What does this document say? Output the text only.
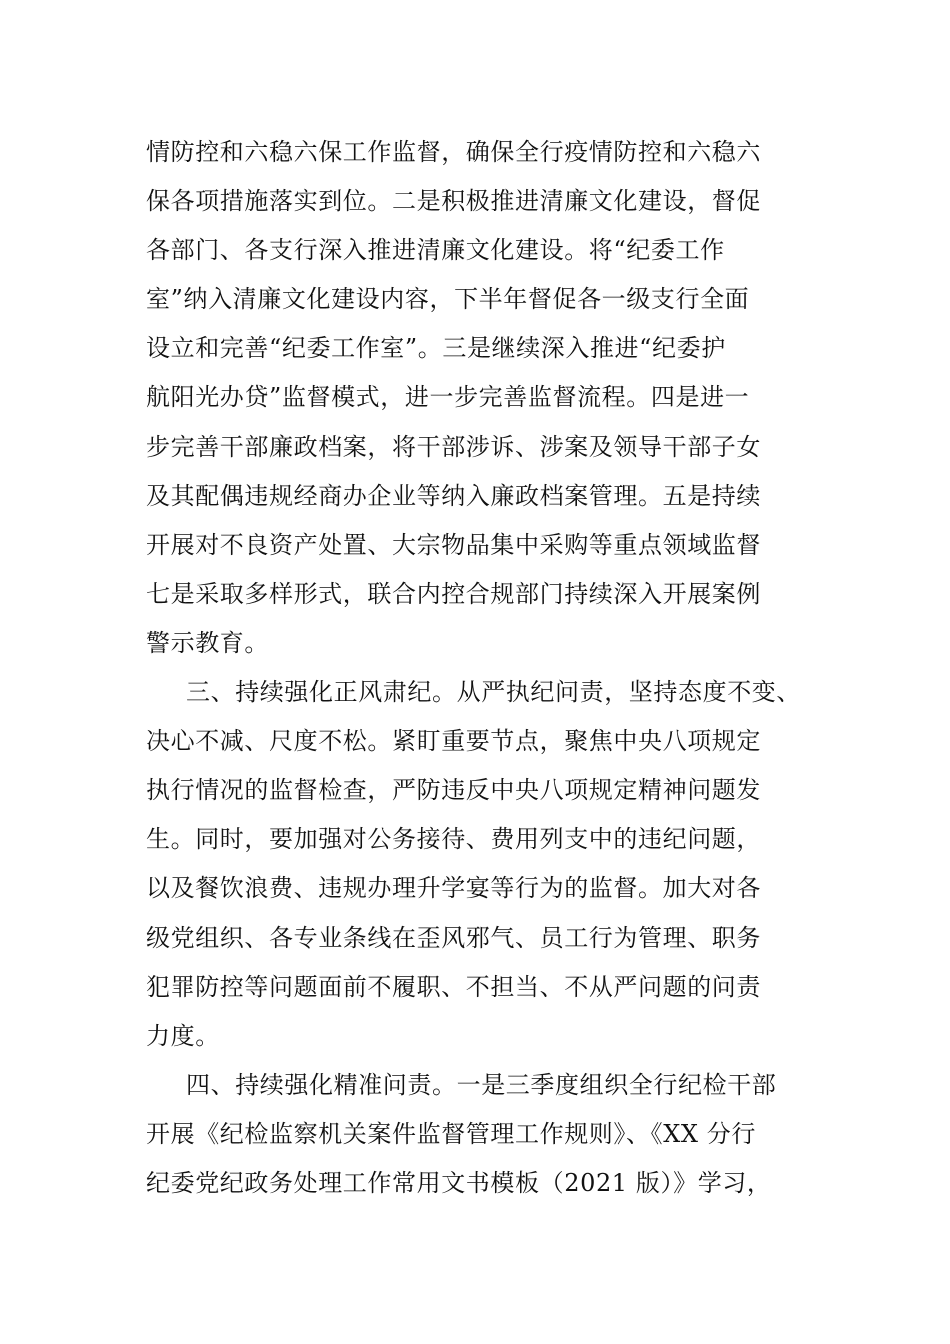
情防控和六稳六保工作监督，确保全行疫情防控和六稳六
保各项措施落实到位。二是积极推进清廉文化建设，督促
各部门、各支行深入推进清廉文化建设。将“纪委工作
室”纳入清廉文化建设内容，下半年督促各一级支行全面
设立和完善“纪委工作室”。三是继续深入推进“纪委护
航阳光办贷”监督模式，进一步完善监督流程。四是进一
步完善干部廉政档案，将干部涉诉、涉案及领导干部子女
及其配偶违规经商办企业等纳入廉政档案管理。五是持续
开展对不良资产处置、大宗物品集中采购等重点领域监督
七是采取多样形式，联合内控合规部门持续深入开展案例
警示教育。
三、持续强化正风肃纪。从严执纪问责，坚持态度不变、
决心不减、尺度不松。紧盯重要节点，聚焦中央八项规定
执行情况的监督检查，严防违反中央八项规定精神问题发
生。同时，要加强对公务接待、费用列支中的违纪问题，
以及餐饮浪费、违规办理升学宴等行为的监督。加大对各
级党组织、各专业条线在歪风邪气、员工行为管理、职务
犯罪防控等问题面前不履职、不担当、不从严问题的问责
力度。
四、持续强化精准问责。一是三季度组织全行纪检干部
开展《纪检监察机关案件监督管理工作规则》、《XX 分行
纪委党纪政务处理工作常用文书模板（2021 版）》学习，
